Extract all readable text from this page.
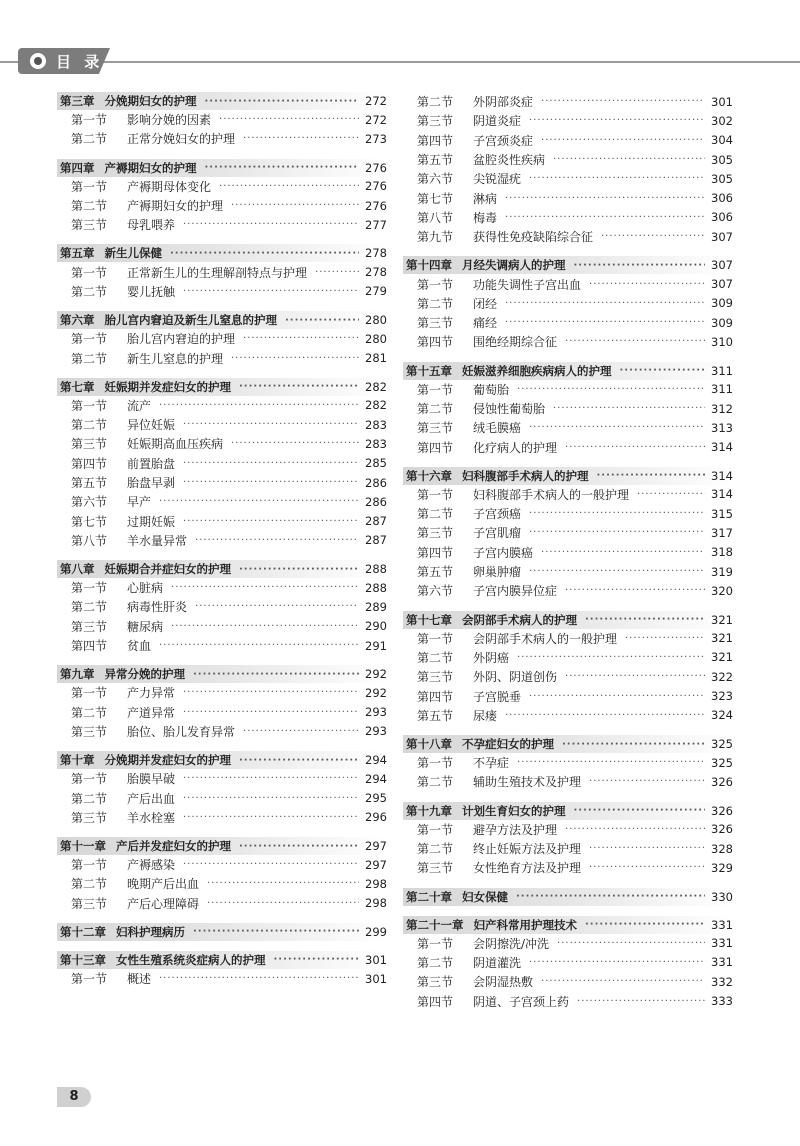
目 录
第三章 分娩期妇女的护理 ·····	272
第一节	影响分娩的因素 ·····	272
第二节	正常分娩妇女的护理 ·····	273
第四章 产褥期妇女的护理 ·····	276
第一节	产褥期母体变化 ·····	276
第二节	产褥期妇女的护理 ·····	276
第三节	母乳喂养 ·····	277
第五章 新生儿保健 ·····	278
第一节	正常新生儿的生理解剖特点与护理 ·····	278
第二节	婴儿抚触 ·····	279
第六章 胎儿宫内窘迫及新生儿窒息的护理 ·····	280
第一节	胎儿宫内窘迫的护理 ·····	280
第二节	新生儿窒息的护理 ·····	281
第七章 妊娠期并发症妇女的护理 ·····	282
第一节	流产 ·····	282
第二节	异位妊娠 ·····	283
第三节	妊娠期高血压疾病 ·····	283
第四节	前置胎盘 ·····	285
第五节	胎盘早剥 ·····	286
第六节	早产 ·····	286
第七节	过期妊娠 ·····	287
第八节	羊水量异常 ·····	287
第八章 妊娠期合并症妇女的护理 ·····	288
第一节	心脏病 ·····	288
第二节	病毒性肝炎 ·····	289
第三节	糖尿病 ·····	290
第四节	贫血 ·····	291
第九章 异常分娩的护理 ·····	292
第一节	产力异常 ·····	292
第二节	产道异常 ·····	293
第三节	胎位、胎儿发育异常 ·····	293
第十章 分娩期并发症妇女的护理 ·····	294
第一节	胎膜早破 ·····	294
第二节	产后出血 ·····	295
第三节	羊水栓塞 ·····	296
第十一章 产后并发症妇女的护理 ·····	297
第一节	产褥感染 ·····	297
第二节	晚期产后出血 ·····	298
第三节	产后心理障碍 ·····	298
第十二章 妇科护理病历 ·····	299
第十三章 女性生殖系统炎症病人的护理 ·····	301
第一节	概述 ·····	301
第二节	外阴部炎症 ·····	301
第三节	阴道炎症 ·····	302
第四节	子宫颈炎症 ·····	304
第五节	盆腔炎性疾病 ·····	305
第六节	尖锐湿疣 ·····	305
第七节	淋病 ·····	306
第八节	梅毒 ·····	306
第九节	获得性免疫缺陷综合征 ·····	307
第十四章 月经失调病人的护理 ·····	307
第一节	功能失调性子宫出血 ·····	307
第二节	闭经 ·····	309
第三节	痛经 ·····	309
第四节	围绝经期综合征 ·····	310
第十五章 妊娠滋养细胞疾病病人的护理 ·····	311
第一节	葡萄胎 ·····	311
第二节	侵蚀性葡萄胎 ·····	312
第三节	绒毛膜癌 ·····	313
第四节	化疗病人的护理 ·····	314
第十六章 妇科腹部手术病人的护理 ·····	314
第一节	妇科腹部手术病人的一般护理 ·····	314
第二节	子宫颈癌 ·····	315
第三节	子宫肌瘤 ·····	317
第四节	子宫内膜癌 ·····	318
第五节	卵巢肿瘤 ·····	319
第六节	子宫内膜异位症 ·····	320
第十七章 会阴部手术病人的护理 ·····	321
第一节	会阴部手术病人的一般护理 ·····	321
第二节	外阴癌 ·····	321
第三节	外阴、阴道创伤 ·····	322
第四节	子宫脱垂 ·····	323
第五节	尿瘘 ·····	324
第十八章 不孕症妇女的护理 ·····	325
第一节	不孕症 ·····	325
第二节	辅助生殖技术及护理 ·····	326
第十九章 计划生育妇女的护理 ·····	326
第一节	避孕方法及护理 ·····	326
第二节	终止妊娠方法及护理 ·····	328
第三节	女性绝育方法及护理 ·····	329
第二十章 妇女保健 ·····	330
第二十一章 妇产科常用护理技术 ·····	331
第一节	会阴擦洗/冲洗 ·····	331
第二节	阴道灌洗 ·····	331
第三节	会阴湿热敷 ·····	332
第四节	阴道、子宫颈上药 ·····	333
8
